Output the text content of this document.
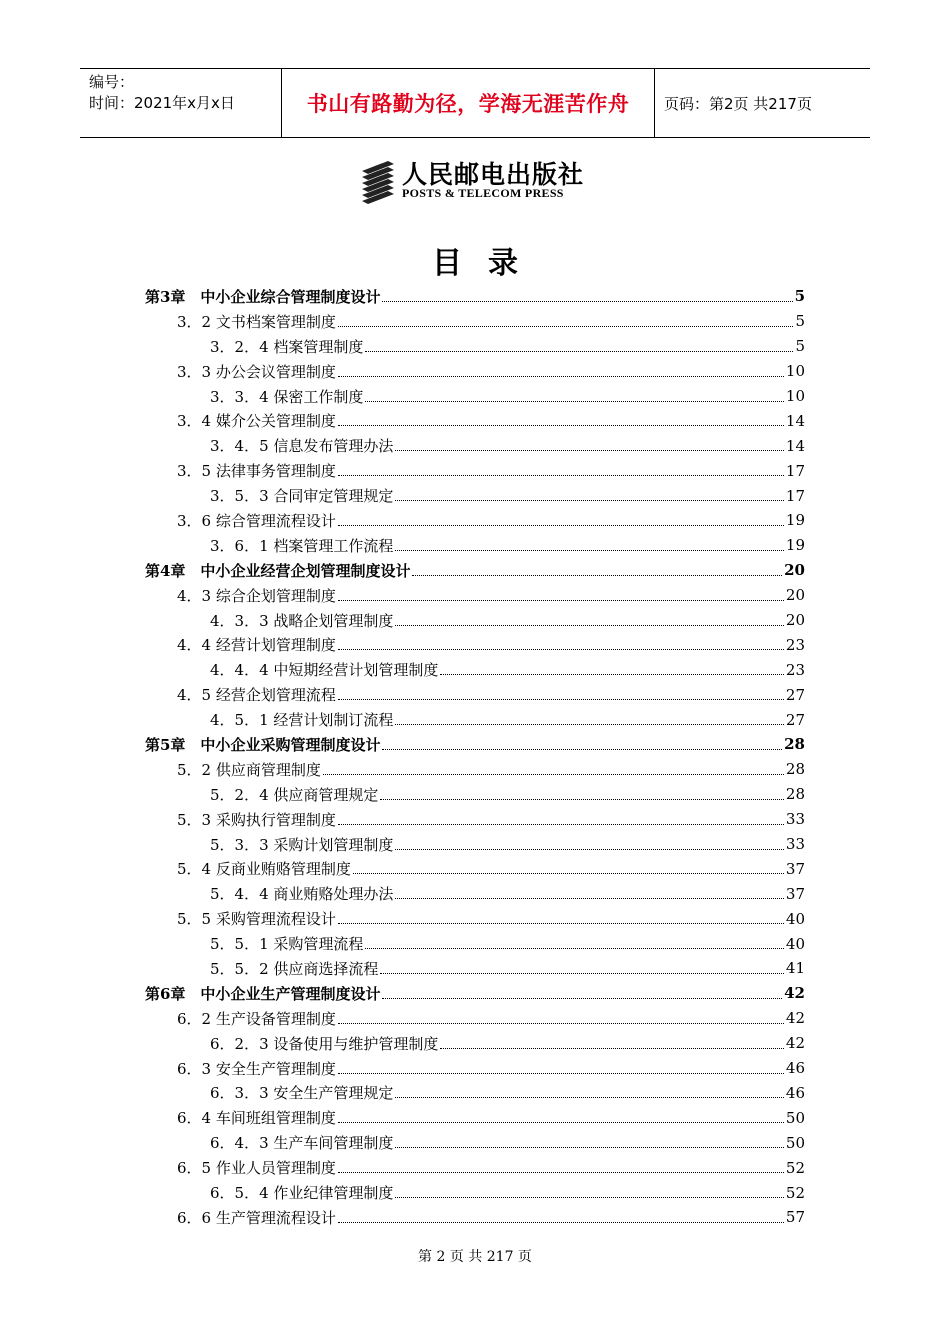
编号：
时间：2021年x月x日	书山有路勤为径，学海无涯苦作舟 页码：第2页 共217页
人民邮电出版社
POSTS & TELECOM PRESS
目录
第3章　中小企业综合管理制度设计	5
3．2 文书档案管理制度	5
3．2．4 档案管理制度	5
3．3 办公会议管理制度	10
3．3．4 保密工作制度	10
3．4 媒介公关管理制度	14
3．4．5 信息发布管理办法	14
3．5 法律事务管理制度	17
3．5．3 合同审定管理规定	17
3．6 综合管理流程设计	19
3．6．1 档案管理工作流程	19
第4章　中小企业经营企划管理制度设计	20
4．3 综合企划管理制度	20
4．3．3 战略企划管理制度	20
4．4 经营计划管理制度	23
4．4．4 中短期经营计划管理制度	23
4．5 经营企划管理流程	27
4．5．1 经营计划制订流程	27
第5章　中小企业采购管理制度设计	28
5．2 供应商管理制度	28
5．2．4 供应商管理规定	28
5．3 采购执行管理制度	33
5．3．3 采购计划管理制度	33
5．4 反商业贿赂管理制度	37
5．4．4 商业贿赂处理办法	37
5．5 采购管理流程设计	40
5．5．1 采购管理流程	40
5．5．2 供应商选择流程	41
第6章　中小企业生产管理制度设计	42
6．2 生产设备管理制度	42
6．2．3 设备使用与维护管理制度	42
6．3 安全生产管理制度	46
6．3．3 安全生产管理规定	46
6．4 车间班组管理制度	50
6．4．3 生产车间管理制度	50
6．5 作业人员管理制度	52
6．5．4 作业纪律管理制度	52
6．6 生产管理流程设计	57
第 2 页 共 217 页
